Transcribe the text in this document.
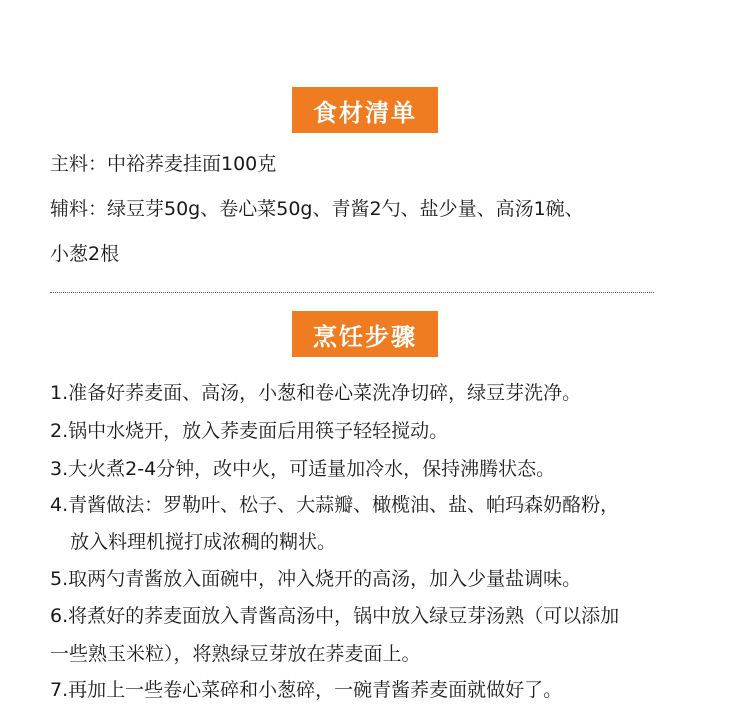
食材清单
主料：中裕荞麦挂面100克
辅料：绿豆芽50g、卷心菜50g、青酱2勺、盐少量、高汤1碗、
小葱2根
烹饪步骤
1.准备好荞麦面、高汤，小葱和卷心菜洗净切碎，绿豆芽洗净。
2.锅中水烧开，放入荞麦面后用筷子轻轻搅动。
3.大火煮2-4分钟，改中火，可适量加冷水，保持沸腾状态。
4.青酱做法：罗勒叶、松子、大蒜瓣、橄榄油、盐、帕玛森奶酪粉，
放入料理机搅打成浓稠的糊状。
5.取两勺青酱放入面碗中，冲入烧开的高汤，加入少量盐调味。
6.将煮好的荞麦面放入青酱高汤中，锅中放入绿豆芽汤熟（可以添加
一些熟玉米粒），将熟绿豆芽放在荞麦面上。
7.再加上一些卷心菜碎和小葱碎，一碗青酱荞麦面就做好了。
